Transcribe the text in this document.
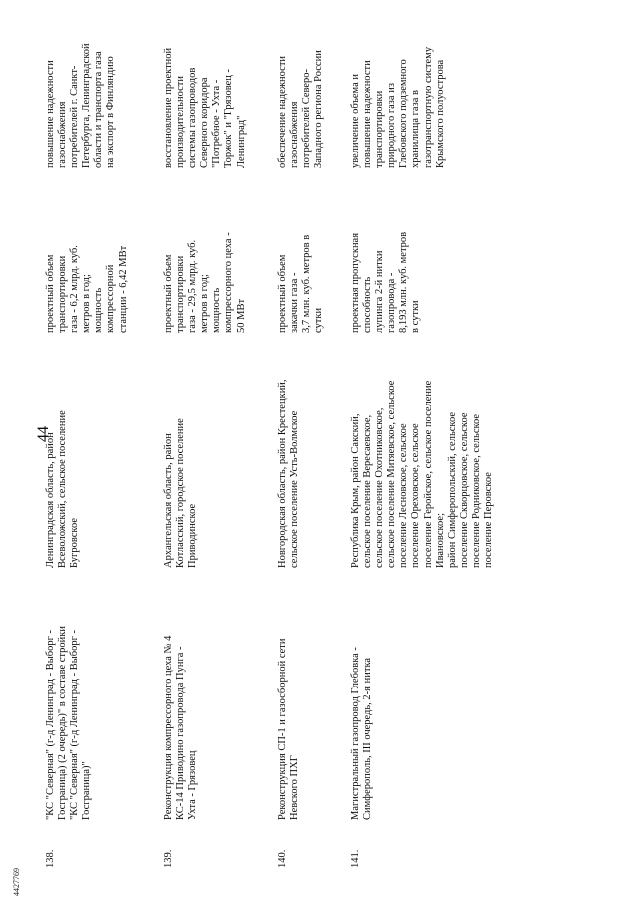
44
138.
"КС "Северная" (г-д Ленинград - Выборг -
Госграница) (2 очередь)" в составе стройки
"КС "Северная" (г-д Ленинград - Выборг -
Госграница)"
Ленинградская область, район
Всеволожский, сельское поселение
Бугровское
проектный объем
транспортировки
газа - 6,2 млрд. куб.
метров в год;
мощность
компрессорной
станции - 6,42 МВт
повышение надежности
газоснабжения
потребителей г. Санкт-
Петербурга, Ленинградской
области и транспорта газа
на экспорт в Финляндию
139.
Реконструкция компрессорного цеха № 4
КС-14 Приводино газопровода Пунга -
Ухта - Грязовец
Архангельская область, район
Котласский, городское поселение
Приводинское
проектный объем
транспортировки
газа - 29,5 млрд. куб.
метров в год;
мощность
компрессорного цеха -
50 МВт
восстановление проектной
производительности
системы газопроводов
Северного коридора
"Потребное - Ухта -
Торжок" и "Грязовец -
Ленинград"
140.
Реконструкция СП-1 и газосборной сети
Невского ПХГ
Новгородская область, район Крестецкий,
сельское поселение Усть-Волмское
проектный объем
закачки газа -
3,7 млн. куб. метров в
сутки
обеспечение надежности
газоснабжения
потребителей Северо-
Западного региона России
141.
Магистральный газопровод Глебовка -
Симферополь, III очередь, 2-я нитка
Республика Крым, район Сакский,
сельское поселение Вересаевское,
сельское поселение Охотниковское,
сельское поселение Митяевское, сельское
поселение Лесновское, сельское
поселение Ореховское, сельское
поселение Геройское, сельское поселение
Ивановское;
район Симферопольский, сельское
поселение Скворцовское, сельское
поселение Родниковское, сельское
поселение Перовское
проектная пропускная
способность
лупинга 2-й нитки
газопровода -
8,193 млн. куб. метров
в сутки
увеличение объема и
повышение надежности
транспортировки
природного газа из
Глебовского подземного
хранилища газа в
газотранспортную систему
Крымского полуострова
4427769
